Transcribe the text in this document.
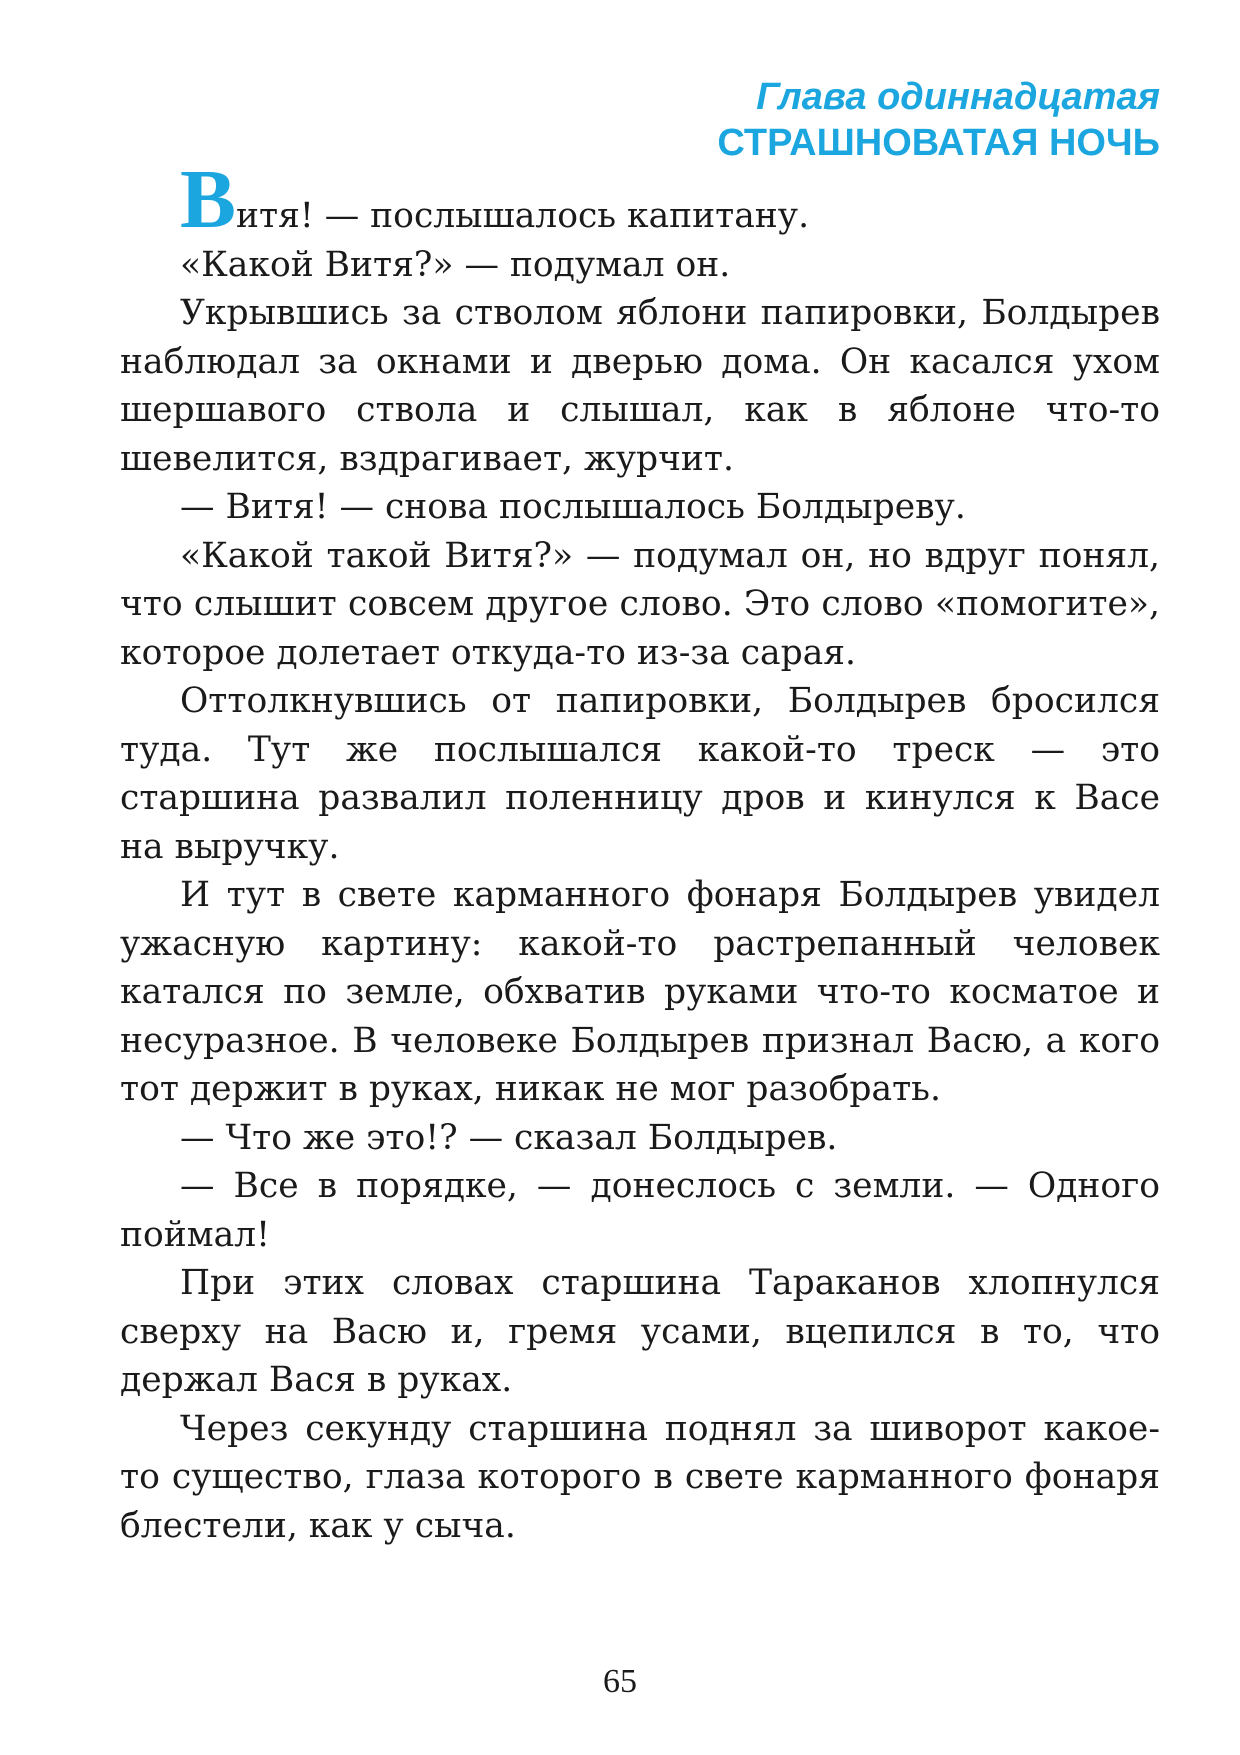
Глава одиннадцатая
СТРАШНОВАТАЯ НОЧЬ

Витя! — послышалось капитану.

«Какой Витя?» — подумал он.

Укрывшись за стволом яблони папировки, Болдырев наблюдал за окнами и дверью дома. Он касался ухом шершавого ствола и слышал, как в яблоне что-то шевелится, вздрагивает, журчит.

— Витя! — снова послышалось Болдыреву.

«Какой такой Витя?» — подумал он, но вдруг понял, что слышит совсем другое слово. Это слово «помогите», которое долетает откуда-то из-за сарая.

Оттолкнувшись от папировки, Болдырев бросился туда. Тут же послышался какой-то треск — это старшина развалил поленницу дров и кинулся к Васе на выручку.

И тут в свете карманного фонаря Болдырев увидел ужасную картину: какой-то растрепанный человек катался по земле, обхватив руками что-то косматое и несуразное. В человеке Болдырев признал Васю, а кого тот держит в руках, никак не мог разобрать.

— Что же это!? — сказал Болдырев.

— Все в порядке, — донеслось с земли. — Одного поймал!

При этих словах старшина Тараканов хлопнулся сверху на Васю и, гремя усами, вцепился в то, что держал Вася в руках.

Через секунду старшина поднял за шиворот какое-то существо, глаза которого в свете карманного фонаря блестели, как у сыча.

65
